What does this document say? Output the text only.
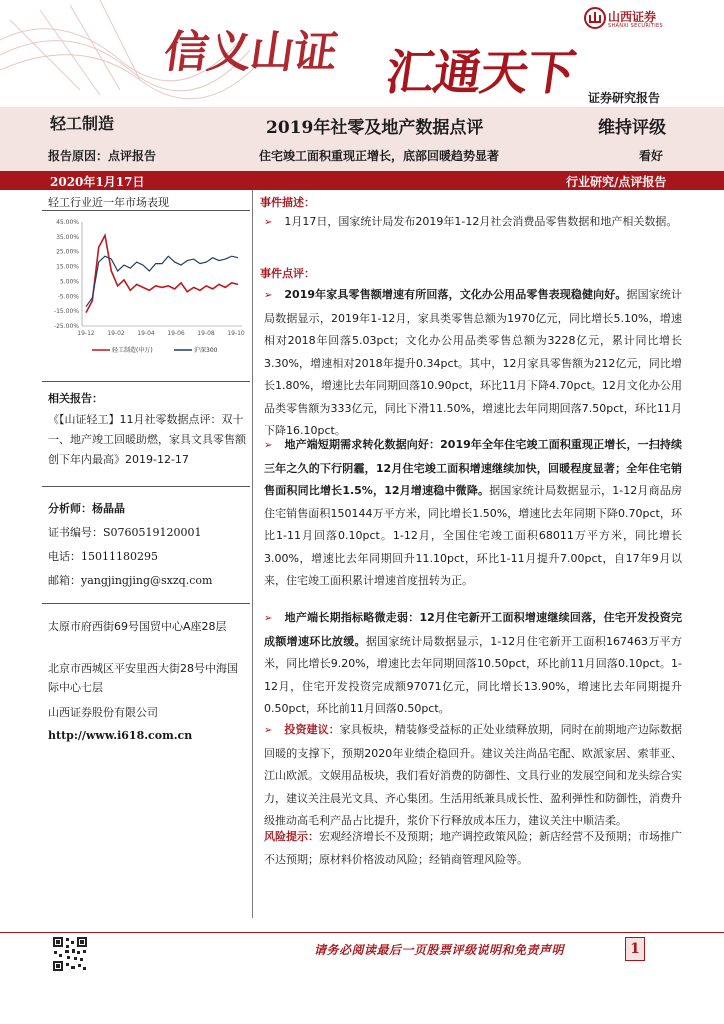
信义山证 汇通天下
山西证券
SHANXI SECURITIES
证券研究报告
轻工制造	2019年社零及地产数据点评	维持评级
报告原因：点评报告	住宅竣工面积重现正增长，底部回暖趋势显著	看好
2020年1月17日	行业研究/点评报告
轻工行业近一年市场表现
45.00%
35.00%
25.00%
15.00%
5.00%
-5.00%
-15.00%
-25.00%
19-12 19-02 19-04 19-06 19-08 19-10
轻工制造(申万)	沪深300
相关报告：
《【山证轻工】11月社零数据点评：双十一、地产竣工回暖助燃，家具文具零售额创下年内最高》2019-12-17
分析师：杨晶晶
证书编号：S0760519120001
电话：15011180295
邮箱：yangjingjing@sxzq.com
太原市府西街69号国贸中心A座28层
北京市西城区平安里西大街28号中海国际中心七层
山西证券股份有限公司
http://www.i618.com.cn
事件描述：
➢ 1月17日，国家统计局发布2019年1-12月社会消费品零售数据和地产相关数据。
事件点评：
➢ 2019年家具零售额增速有所回落，文化办公用品零售表现稳健向好。据国家统计局数据显示，2019年1-12月，家具类零售总额为1970亿元，同比增长5.10%，增速相对2018年回落5.03pct；文化办公用品类零售总额为3228亿元，累计同比增长3.30%，增速相对2018年提升0.34pct。其中，12月家具零售额为212亿元，同比增长1.80%，增速比去年同期回落10.90pct，环比11月下降4.70pct。12月文化办公用品类零售额为333亿元，同比下滑11.50%，增速比去年同期回落7.50pct，环比11月下降16.10pct。
➢ 地产端短期需求转化数据向好：2019年全年住宅竣工面积重现正增长，一扫持续三年之久的下行阴霾，12月住宅竣工面积增速继续加快，回暖程度显著；全年住宅销售面积同比增长1.5%，12月增速稳中微降。据国家统计局数据显示，1-12月商品房住宅销售面积150144万平方米，同比增长1.50%，增速比去年同期下降0.70pct，环比1-11月回落0.10pct。1-12月，全国住宅竣工面积68011万平方米，同比增长3.00%，增速比去年同期回升11.10pct，环比1-11月提升7.00pct，自17年9月以来，住宅竣工面积累计增速首度扭转为正。
➢ 地产端长期指标略微走弱：12月住宅新开工面积增速继续回落，住宅开发投资完成额增速环比放缓。据国家统计局数据显示，1-12月住宅新开工面积167463万平方米，同比增长9.20%，增速比去年同期回落10.50pct，环比前11月回落0.10pct。1-12月，住宅开发投资完成额97071亿元，同比增长13.90%，增速比去年同期提升0.50pct，环比前11月回落0.50pct。
➢ 投资建议：家具板块，精装修受益标的正处业绩释放期，同时在前期地产边际数据回暖的支撑下，预期2020年业绩企稳回升。建议关注尚品宅配、欧派家居、索菲亚、江山欧派。文娱用品板块，我们看好消费的防御性、文具行业的发展空间和龙头综合实力，建议关注晨光文具、齐心集团。生活用纸兼具成长性、盈利弹性和防御性，消费升级推动高毛利产品占比提升，浆价下行释放成本压力，建议关注中顺洁柔。
风险提示：宏观经济增长不及预期；地产调控政策风险；新店经营不及预期；市场推广不达预期；原材料价格波动风险；经销商管理风险等。
请务必阅读最后一页股票评级说明和免责声明	1
